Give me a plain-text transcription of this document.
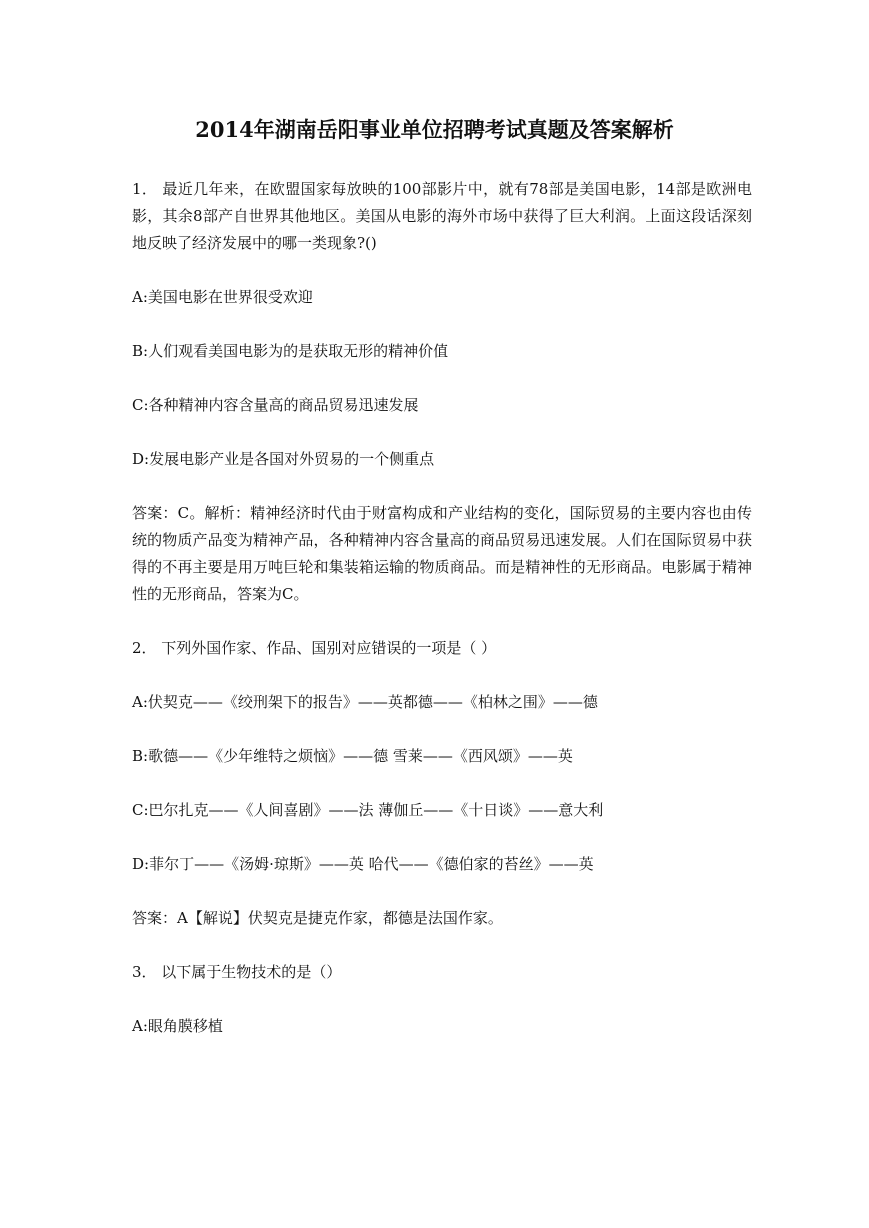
2014年湖南岳阳事业单位招聘考试真题及答案解析

1． 最近几年来，在欧盟国家每放映的100部影片中，就有78部是美国电影，14部是欧洲电影，其余8部产自世界其他地区。美国从电影的海外市场中获得了巨大利润。上面这段话深刻地反映了经济发展中的哪一类现象?()

A:美国电影在世界很受欢迎

B:人们观看美国电影为的是获取无形的精神价值

C:各种精神内容含量高的商品贸易迅速发展

D:发展电影产业是各国对外贸易的一个侧重点

答案：C。解析：精神经济时代由于财富构成和产业结构的变化，国际贸易的主要内容也由传统的物质产品变为精神产品，各种精神内容含量高的商品贸易迅速发展。人们在国际贸易中获得的不再主要是用万吨巨轮和集装箱运输的物质商品。而是精神性的无形商品。电影属于精神性的无形商品，答案为C。

2． 下列外国作家、作品、国别对应错误的一项是（ ）

A:伏契克——《绞刑架下的报告》——英都德——《柏林之围》——德

B:歌德——《少年维特之烦恼》——德 雪莱——《西风颂》——英

C:巴尔扎克——《人间喜剧》——法 薄伽丘——《十日谈》——意大利

D:菲尔丁——《汤姆·琼斯》——英 哈代——《德伯家的苔丝》——英

答案：A【解说】伏契克是捷克作家，都德是法国作家。

3． 以下属于生物技术的是（）

A:眼角膜移植
